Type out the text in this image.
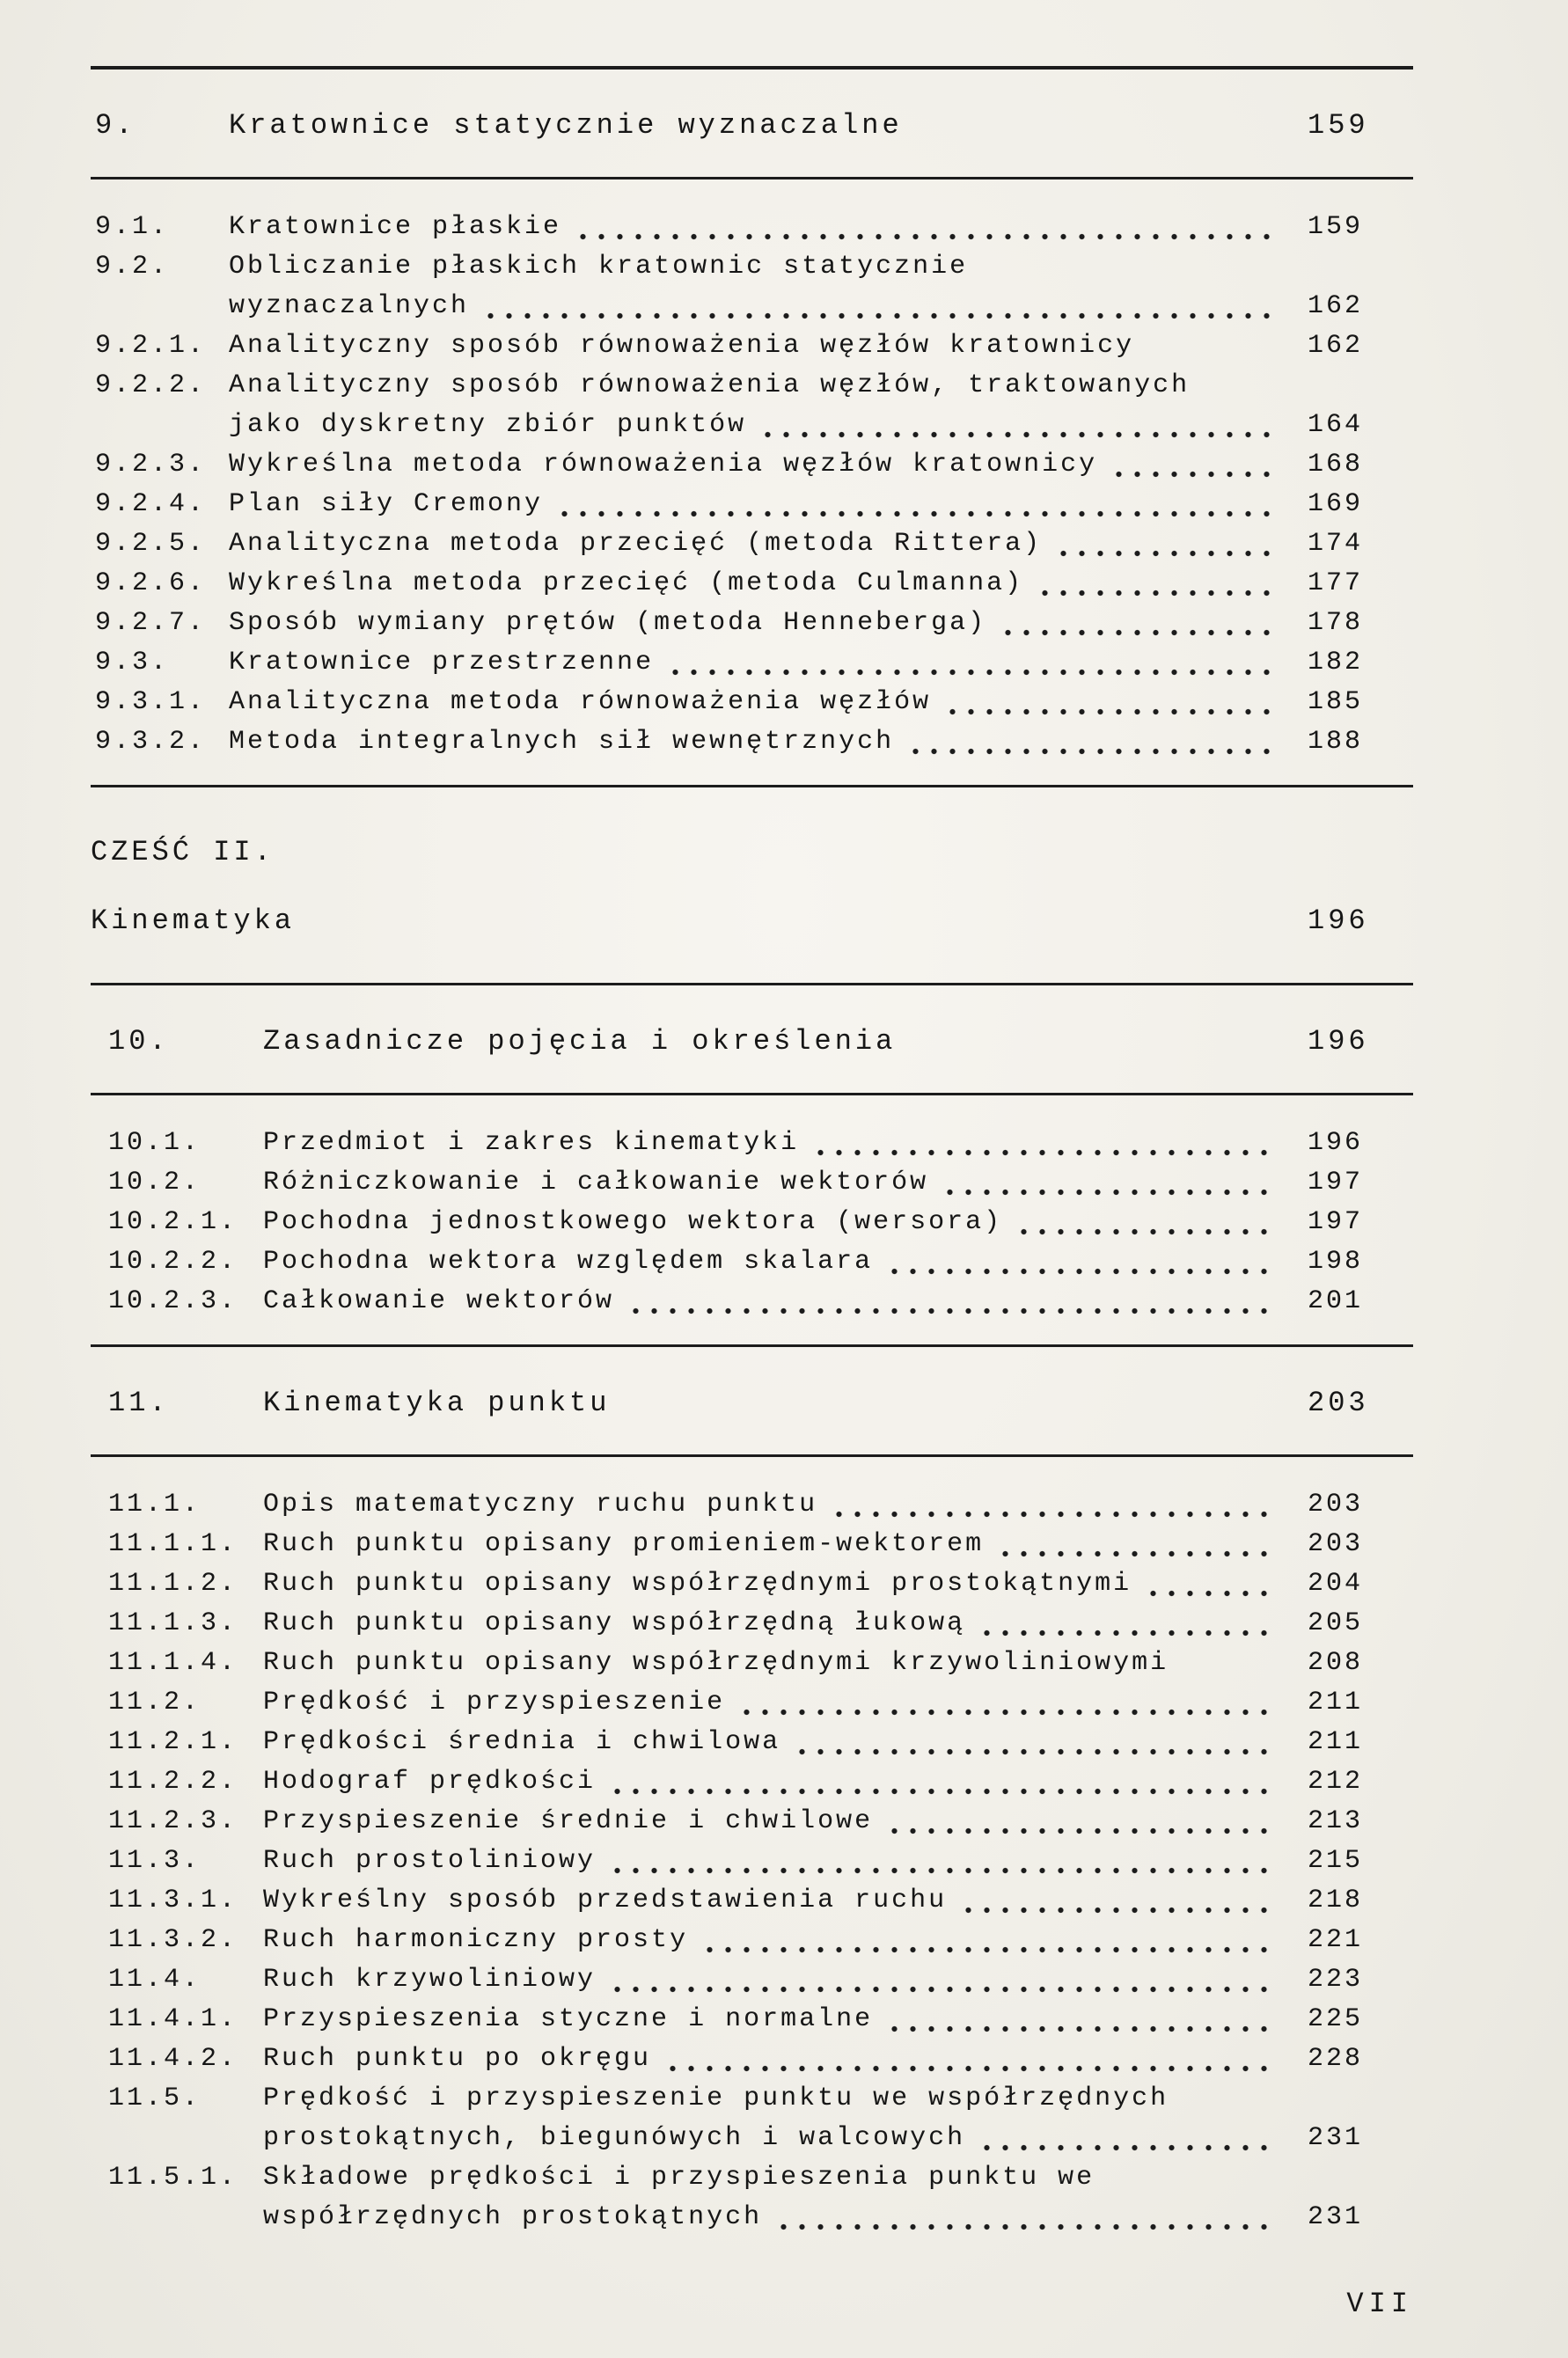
9.	Kratownice statycznie wyznaczalne	159
9.1.	Kratownice płaskie	159
9.2.	Obliczanie płaskich kratownic statycznie
wyznaczalnych	162
9.2.1. Analityczny sposób równoważenia węzłów kratownicy	162
9.2.2. Analityczny sposób równoważenia węzłów, traktowanych
jako dyskretny zbiór punktów	164
9.2.3. Wykreślna metoda równoważenia węzłów kratownicy	168
9.2.4. Plan siły Cremony	169
9.2.5. Analityczna metoda przecięć (metoda Rittera)	174
9.2.6. Wykreślna metoda przecięć (metoda Culmanna)	177
9.2.7. Sposób wymiany prętów (metoda Henneberga)	178
9.3.	Kratownice przestrzenne	182
9.3.1. Analityczna metoda równoważenia węzłów	185
9.3.2. Metoda integralnych sił wewnętrznych	188
CZEŚĆ II.
Kinematyka	196
10.	Zasadnicze pojęcia i określenia	196
10.1.	Przedmiot i zakres kinematyki	196
10.2.	Różniczkowanie i całkowanie wektorów	197
10.2.1. Pochodna jednostkowego wektora (wersora)	197
10.2.2. Pochodna wektora względem skalara	198
10.2.3. Całkowanie wektorów	201
11.	Kinematyka punktu	203
11.1.	Opis matematyczny ruchu punktu	203
11.1.1. Ruch punktu opisany promieniem-wektorem	203
11.1.2. Ruch punktu opisany współrzędnymi prostokątnymi	204
11.1.3. Ruch punktu opisany współrzędną łukową	205
11.1.4. Ruch punktu opisany współrzędnymi krzywoliniowymi	208
11.2.	Prędkość i przyspieszenie	211
11.2.1. Prędkości średnia i chwilowa	211
11.2.2. Hodograf prędkości	212
11.2.3. Przyspieszenie średnie i chwilowe	213
11.3.	Ruch prostoliniowy	215
11.3.1. Wykreślny sposób przedstawienia ruchu	218
11.3.2. Ruch harmoniczny prosty	221
11.4.	Ruch krzywoliniowy	223
11.4.1. Przyspieszenia styczne i normalne	225
11.4.2. Ruch punktu po okręgu	228
11.5.	Prędkość i przyspieszenie punktu we współrzędnych
prostokątnych, biegunówych i walcowych	231
11.5.1. Składowe prędkości i przyspieszenia punktu we
współrzędnych prostokątnych	231
VII
